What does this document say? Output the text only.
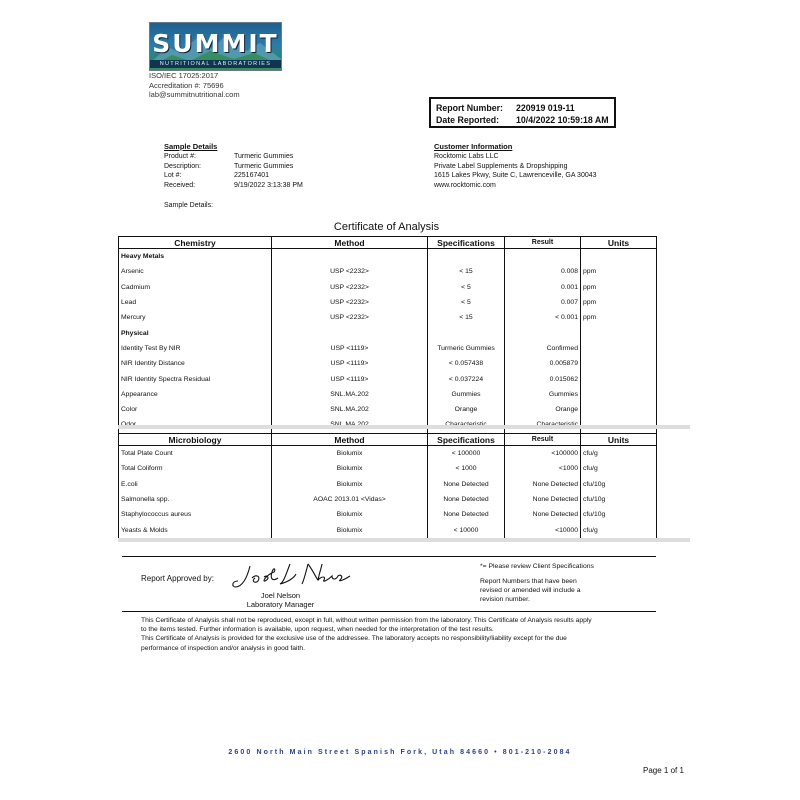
SUMMIT
NUTRITIONAL LABORATORIES
ISO/IEC 17025:2017
Accreditation #: 75696
lab@summitnutritional.com
Report Number:	220919 019-11
Date Reported:	10/4/2022 10:59:18 AM
Sample Details
Product #:	Turmeric Gummies
Description:	Turmeric Gummies
Lot #:	225167401
Received:	9/19/2022 3:13:38 PM
Sample Details:
Customer Information
Rocktomic Labs LLC
Private Label Supplements & Dropshipping
1615 Lakes Pkwy, Suite C, Lawrenceville, GA 30043
www.rocktomic.com
Certificate of Analysis
Chemistry	Method	Specifications	Result	Units
Heavy Metals				
Arsenic	USP <2232>	< 15	0.008	ppm
Cadmium	USP <2232>	< 5	0.001	ppm
Lead	USP <2232>	< 5	0.007	ppm
Mercury	USP <2232>	< 15	< 0.001	ppm
Physical				
Identity Test By NIR	USP <1119>	Turmeric Gummies	Confirmed	
NIR Identity Distance	USP <1119>	< 0.057438	0.005879	
NIR Identity Spectra Residual	USP <1119>	< 0.037224	0.015062	
Appearance	SNL.MA.202	Gummies	Gummies	
Color	SNL.MA.202	Orange	Orange	

Microbiology	Method	Specifications	Result	Units
Total Plate Count	Biolumix	< 100000	<100000	cfu/g
Total Coliform	Biolumix	< 1000	<1000	cfu/g
E.coli	Biolumix	None Detected	None Detected	cfu/10g
Salmonella spp.	AOAC 2013.01 <Vidas>	None Detected	None Detected	cfu/10g
Staphylococcus aureus	Biolumix	None Detected	None Detected	cfu/10g
Yeasts & Molds	Biolumix	< 10000	<10000	cfu/g
Report Approved by:
Joel Nelson
Laboratory Manager
*= Please review Client Specifications
Report Numbers that have been
revised or amended will include a
revision number.
This Certificate of Analysis shall not be reproduced, except in full, without written permission from the laboratory. This Certificate of Analysis results apply
to the items tested. Further information is available, upon request, when needed for the interpretation of the test results.
This Certificate of Analysis is provided for the exclusive use of the addressee. The laboratory accepts no responsibility/liability except for the due
performance of inspection and/or analysis in good faith.
2600 North Main Street Spanish Fork, Utah 84660 • 801-210-2084
Page 1 of 1
